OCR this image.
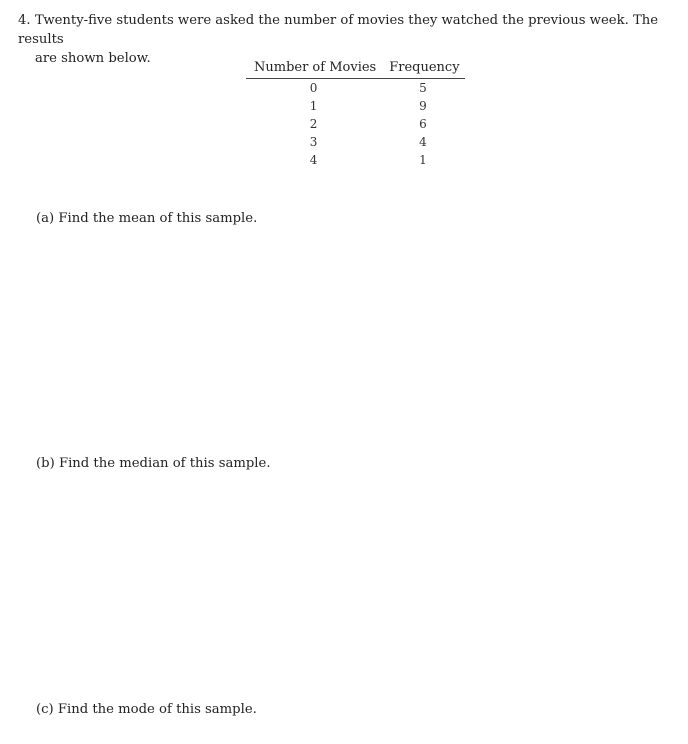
4. Twenty-five students were asked the number of movies they watched the previous week. The results
are shown below.
Number of Movies	Frequency
0	5
1	9
2	6
3	4
4	1
(a) Find the mean of this sample.
(b) Find the median of this sample.
(c) Find the mode of this sample.
